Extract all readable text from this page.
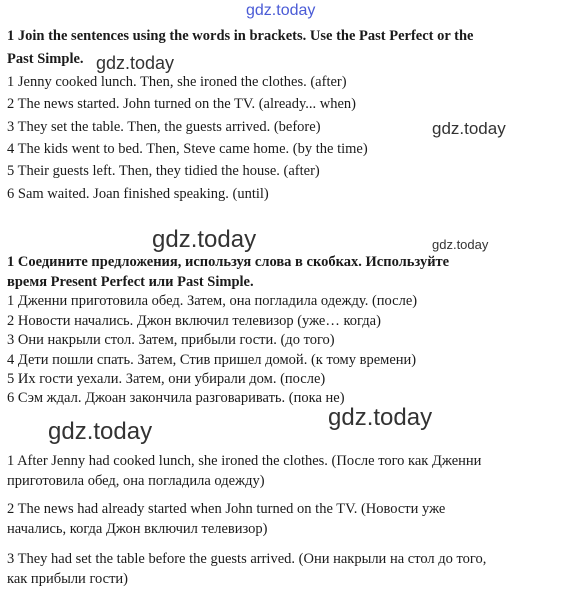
gdz.today
gdz.today
gdz.today
gdz.today	gdz.today
gdz.today
gdz.today
1 Join the sentences using the words in brackets. Use the Past Perfect or the
Past Simple.
1 Jenny cooked lunch. Then, she ironed the clothes. (after)
2 The news started. John turned on the TV. (already... when)
3 They set the table. Then, the guests arrived. (before)
4 The kids went to bed. Then, Steve came home. (by the time)
5 Their guests left. Then, they tidied the house. (after)
6 Sam waited. Joan finished speaking. (until)
1 Соедините предложения, используя слова в скобках. Используйте
время Present Perfect или Past Simple.
1 Дженни приготовила обед. Затем, она погладила одежду. (после)
2 Новости начались. Джон включил телевизор (уже… когда)
3 Они накрыли стол. Затем, прибыли гости. (до того)
4 Дети пошли спать. Затем, Стив пришел домой. (к тому времени)
5 Их гости уехали. Затем, они убирали дом. (после)
6 Сэм ждал. Джоан закончила разговаривать. (пока не)
1 After Jenny had cooked lunch, she ironed the clothes. (После того как Дженни
приготовила обед, она погладила одежду)
2 The news had already started when John turned on the TV. (Новости уже
начались, когда Джон включил телевизор)
3 They had set the table before the guests arrived. (Они накрыли на стол до того,
как прибыли гости)
